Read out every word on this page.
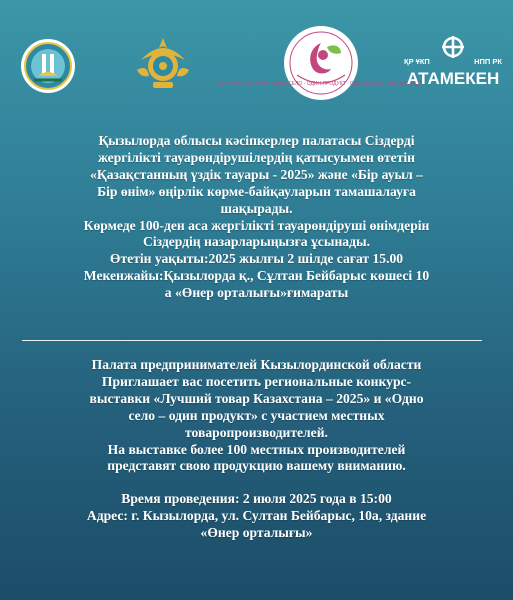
БІР АУЫЛ - БІР ӨНІМ · ОДНО СЕЛО - ОДИН ПРОДУКТ · ONE VILLAGE - ONE PRODUCT
ҚР ҰКП	НПП РК
АТАМЕКЕН
Қызылорда облысы кәсіпкерлер палатасы Сіздерді
жергілікті тауарөндірушілердің қатысуымен өтетін
«Қазақстанның үздік тауары - 2025» және «Бір ауыл –
Бір өнім» өңірлік көрме-байқауларын тамашалауға
шақырады.
Көрмеде 100-ден аса жергілікті тауарөндіруші өнімдерін
Сіздердің назарларыңызға ұсынады.
Өтетін уақыты:2025 жылғы 2 шілде сағат 15.00
Мекенжайы:Қызылорда қ., Сұлтан Бейбарыс көшесі 10
а «Өнер орталығы»ғимараты
Палата предпринимателей Кызылординской области
Приглашает вас посетить региональные конкурс-
выставки «Лучший товар Казахстана – 2025» и «Одно
село – один продукт» с участием местных
товаропроизводителей.
На выставке более 100 местных производителей
представят свою продукцию вашему вниманию.
Время проведения: 2 июля 2025 года в 15:00
Адрес: г. Кызылорда, ул. Султан Бейбарыс, 10а, здание
«Өнер орталығы»
